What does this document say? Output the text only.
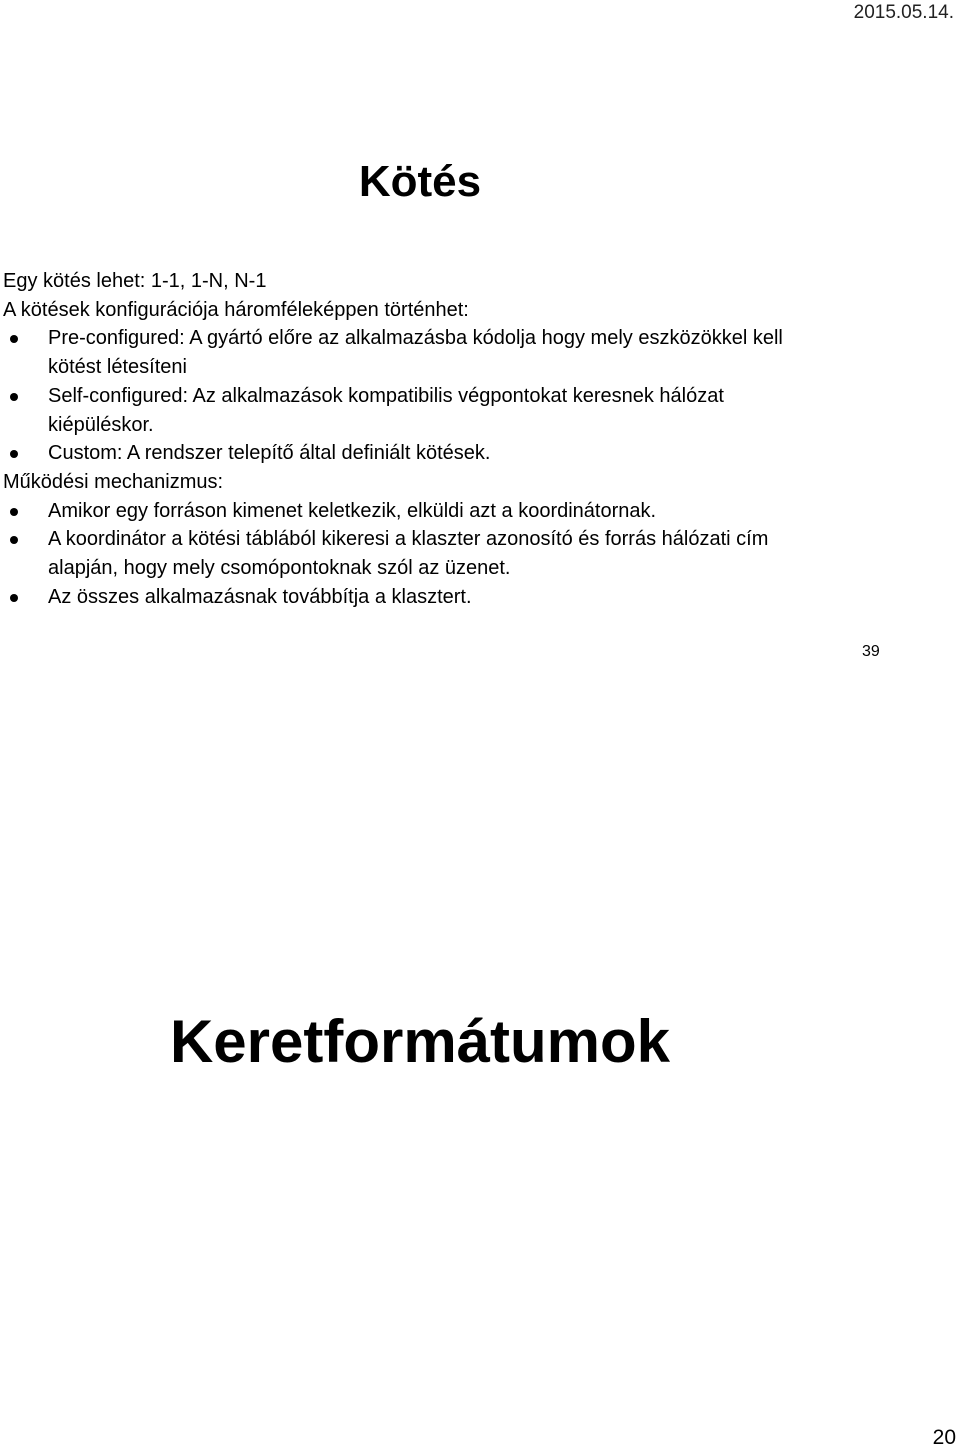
2015.05.14.
Kötés
Egy kötés lehet: 1-1, 1-N, N-1
A kötések konfigurációja háromféleképpen történhet:
Pre-configured: A gyártó előre az alkalmazásba kódolja hogy mely eszközökkel kell kötést létesíteni
Self-configured: Az alkalmazások kompatibilis végpontokat keresnek hálózat kiépüléskor.
Custom: A rendszer telepítő által definiált kötések.
Működési mechanizmus:
Amikor egy forráson kimenet keletkezik, elküldi azt a koordinátornak.
A koordinátor a kötési táblából kikeresi a klaszter azonosító és forrás hálózati cím alapján, hogy mely csomópontoknak szól az üzenet.
Az összes alkalmazásnak továbbítja a klasztert.
39
Keretformátumok
20
